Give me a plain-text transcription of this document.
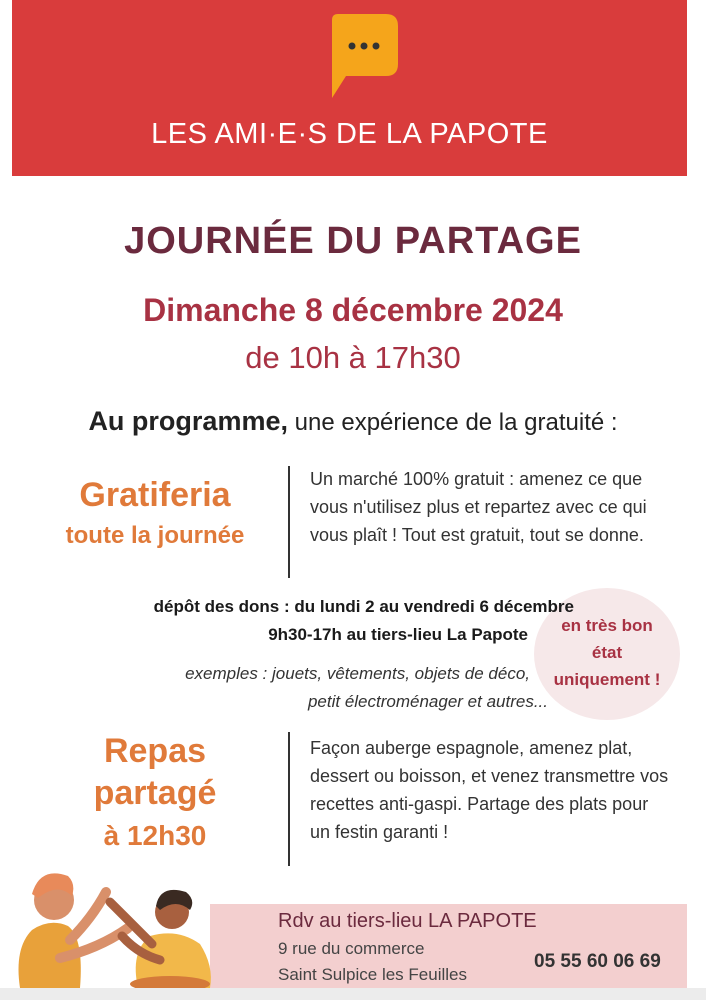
LES AMI·E·S DE LA PAPOTE
JOURNÉE DU PARTAGE
Dimanche 8 décembre 2024
de 10h à 17h30
Au programme, une expérience de la gratuité :
Gratiferia
toute la journée
Un marché 100% gratuit : amenez ce que vous n'utilisez plus et repartez avec ce qui vous plaît ! Tout est gratuit, tout se donne.
en très bon
état
uniquement !
dépôt des dons : du lundi 2 au vendredi 6 décembre
9h30-17h au tiers-lieu La Papote
exemples : jouets, vêtements, objets de déco,
petit électroménager et autres...
Repas
partagé
à 12h30
Façon auberge espagnole, amenez plat, dessert ou boisson, et venez transmettre vos recettes anti-gaspi. Partage des plats pour un festin garanti !
Rdv au tiers-lieu LA PAPOTE
9 rue du commerce
Saint Sulpice les Feuilles
05 55 60 06 69
